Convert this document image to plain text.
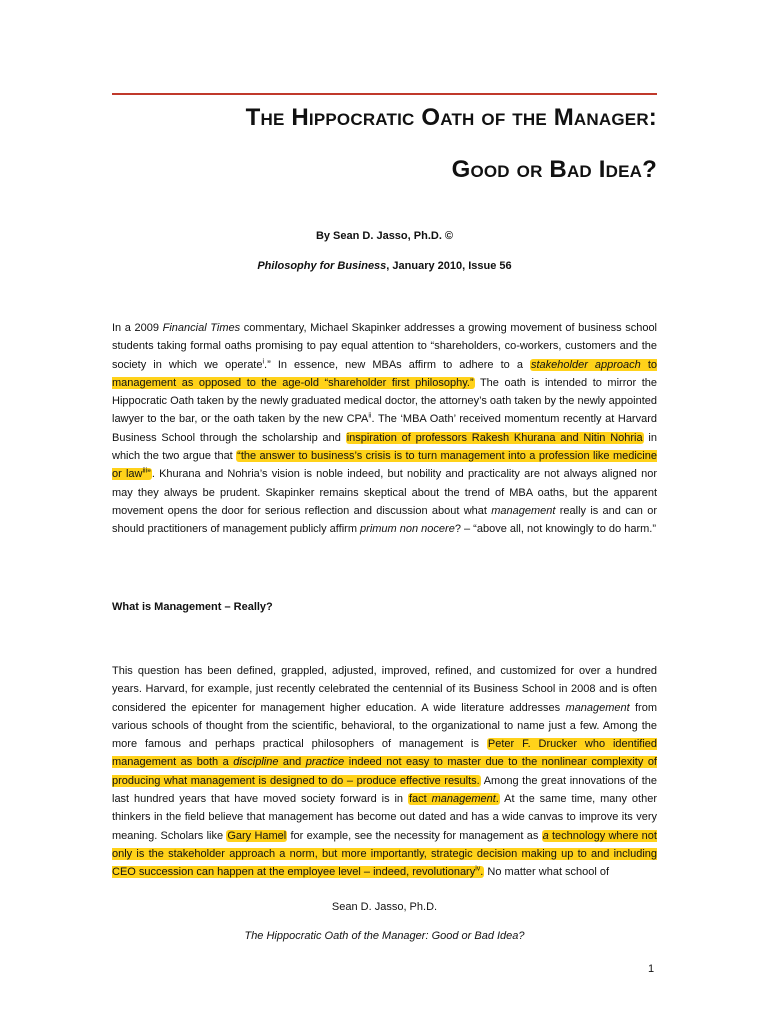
The Hippocratic Oath of the Manager:
Good or Bad Idea?
By Sean D. Jasso, Ph.D. ©
Philosophy for Business, January 2010, Issue 56
In a 2009 Financial Times commentary, Michael Skapinker addresses a growing movement of business school students taking formal oaths promising to pay equal attention to “shareholders, co-workers, customers and the society in which we operate$^i$.” In essence, new MBAs affirm to adhere to a stakeholder approach to management as opposed to the age-old “shareholder first philosophy.” The oath is intended to mirror the Hippocratic Oath taken by the newly graduated medical doctor, the attorney’s oath taken by the newly appointed lawyer to the bar, or the oath taken by the new CPA$^{ii}$. The ‘MBA Oath’ received momentum recently at Harvard Business School through the scholarship and inspiration of professors Rakesh Khurana and Nitin Nohria in which the two argue that “the answer to business’s crisis is to turn management into a profession like medicine or law$^{iii}$”. Khurana and Nohria’s vision is noble indeed, but nobility and practicality are not always aligned nor may they always be prudent. Skapinker remains skeptical about the trend of MBA oaths, but the apparent movement opens the door for serious reflection and discussion about what management really is and can or should practitioners of management publicly affirm primum non nocere? – “above all, not knowingly to do harm.”
What is Management – Really?
This question has been defined, grappled, adjusted, improved, refined, and customized for over a hundred years. Harvard, for example, just recently celebrated the centennial of its Business School in 2008 and is often considered the epicenter for management higher education. A wide literature addresses management from various schools of thought from the scientific, behavioral, to the organizational to name just a few. Among the more famous and perhaps practical philosophers of management is Peter F. Drucker who identified management as both a discipline and practice indeed not easy to master due to the nonlinear complexity of producing what management is designed to do – produce effective results. Among the great innovations of the last hundred years that have moved society forward is in fact management. At the same time, many other thinkers in the field believe that management has become out dated and has a wide canvas to improve its very meaning. Scholars like Gary Hamel for example, see the necessity for management as a technology where not only is the stakeholder approach a norm, but more importantly, strategic decision making up to and including CEO succession can happen at the employee level – indeed, revolutionary$^{iv}$. No matter what school of
Sean D. Jasso, Ph.D.
The Hippocratic Oath of the Manager: Good or Bad Idea?
1
